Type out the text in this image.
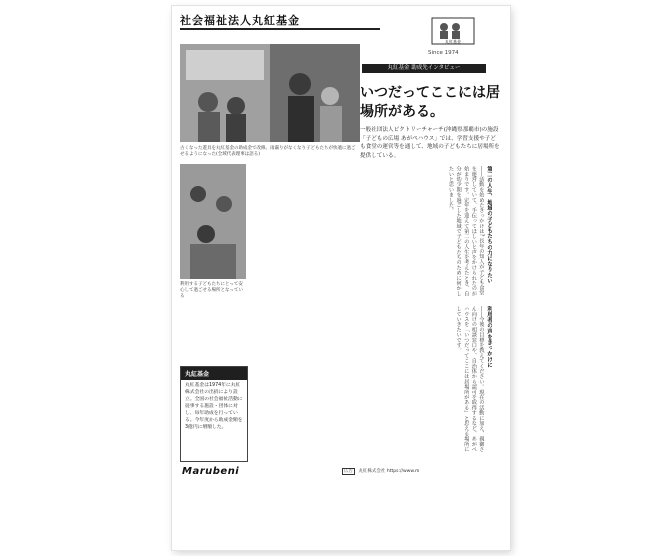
社会福祉法人丸紅基金
丸紅基金
Since 1974
古くなった遊具を丸紅基金の助成金で改修。雨漏りがなくなり子どもたちが快適に過ごせるようになった(全域代表理事は語る)
利用する子どもたちにとって安心して過ごせる場所となっている
丸紅基金 助成先インタビュー
いつだってここには居場所がある。
一般社団法人ビクトリーチャーチ(沖縄県那覇市)の施設「子どもの広場 あがぺハウス」では、学習支援や子ども食堂の運営等を通して、地域の子どもたちに居場所を提供している。
第二の人生、地域の子どもたちの力になりたい
――活動を始めたきっかけは? 長年の知人が子ども食堂を運営していて、手伝ってほしいと声をかけられたのが始まりです。定年を迎えて第二の人生を考えたとき、自分が幼少期を過ごした地域で子どもたちのために何かしたいと思いました。
利用者の声をきっかけに
――今後の目標を教えてください。現在の活動に加え、親御さん向けの相談窓口や、自治体から認可を取得するなど、あがぺハウスを「いつだってここには居場所がある」と思える場所にしていきたいです。
丸紅基金
丸紅基金は1974年に丸紅株式会社の出捐により設立。全国の社会福祉活動に従事する施設・団体に対し、毎年助成を行っている。今年度から助成金額を3億円に増額した。
Marubeni	広告 丸紅株式会社 https://www.m
